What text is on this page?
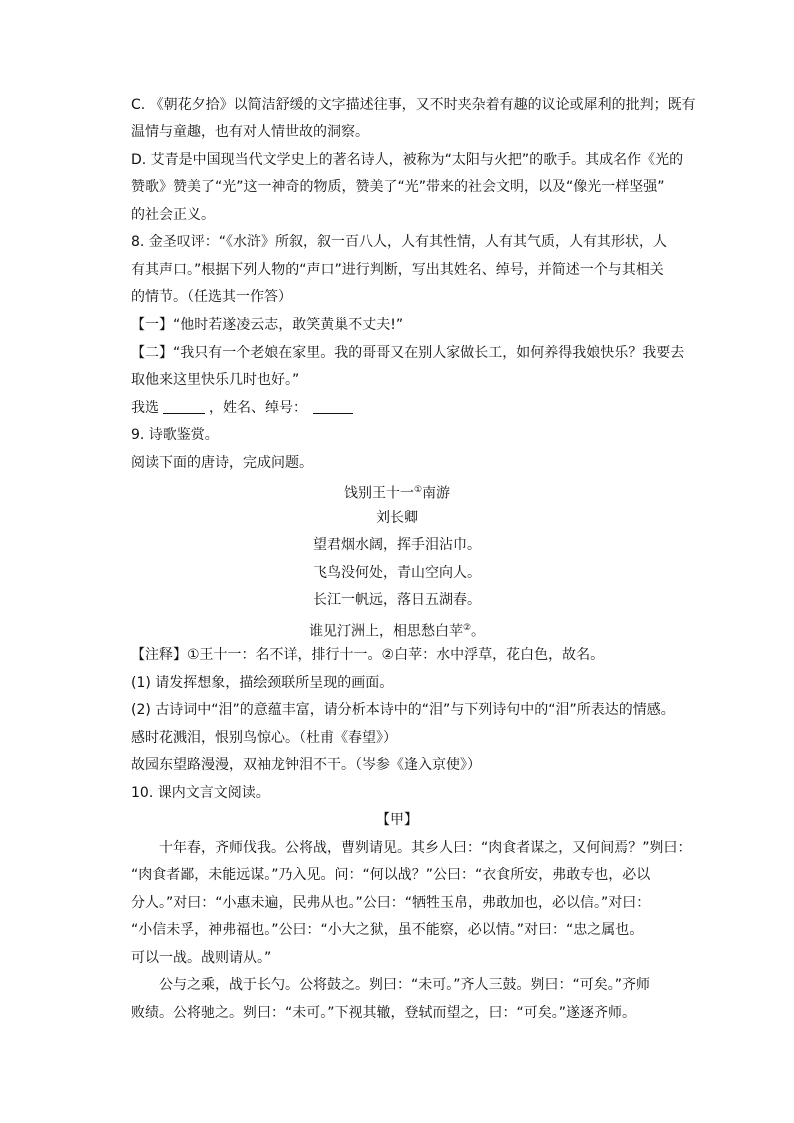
C. 《朝花夕拾》以简洁舒缓的文字描述往事，又不时夹杂着有趣的议论或犀利的批判；既有
温情与童趣，也有对人情世故的洞察。
D. 艾青是中国现当代文学史上的著名诗人，被称为“太阳与火把”的歌手。其成名作《光的
赞歌》赞美了“光”这一神奇的物质，赞美了“光”带来的社会文明，以及“像光一样坚强”
的社会正义。
8. 金圣叹评：“《水浒》所叙，叙一百八人，人有其性情，人有其气质，人有其形状，人
有其声口。”根据下列人物的“声口”进行判断，写出其姓名、绰号，并简述一个与其相关
的情节。（任选其一作答）
【一】“他时若遂凌云志，敢笑黄巢不丈夫!”
【二】“我只有一个老娘在家里。我的哥哥又在别人家做长工，如何养得我娘快乐？我要去
取他来这里快乐几时也好。”
我选	，姓名、绰号：
9. 诗歌鉴赏。
阅读下面的唐诗，完成问题。
饯别王十一①南游
刘长卿
望君烟水阔，挥手泪沾巾。
飞鸟没何处，青山空向人。
长江一帆远，落日五湖春。
谁见汀洲上，相思愁白苹②。
【注释】①王十一：名不详，排行十一。②白苹：水中浮草，花白色，故名。
(1) 请发挥想象，描绘颈联所呈现的画面。
(2) 古诗词中“泪”的意蕴丰富，请分析本诗中的“泪”与下列诗句中的“泪”所表达的情感。
感时花溅泪，恨别鸟惊心。（杜甫《春望》）
故园东望路漫漫，双袖龙钟泪不干。（岑参《逢入京使》）
10. 课内文言文阅读。
【甲】
十年春，齐师伐我。公将战，曹刿请见。其乡人曰：“肉食者谋之，又何间焉？”刿曰：
“肉食者鄙，未能远谋。”乃入见。问：“何以战？”公曰：“衣食所安，弗敢专也，必以
分人。”对曰：“小惠未遍，民弗从也。”公曰：“牺牲玉帛，弗敢加也，必以信。”对曰：
“小信未孚，神弗福也。”公曰：“小大之狱，虽不能察，必以情。”对曰：“忠之属也。
可以一战。战则请从。”
公与之乘，战于长勺。公将鼓之。刿曰：“未可。”齐人三鼓。刿曰：“可矣。”齐师
败绩。公将驰之。刿曰：“未可。”下视其辙，登轼而望之，曰：“可矣。”遂逐齐师。
